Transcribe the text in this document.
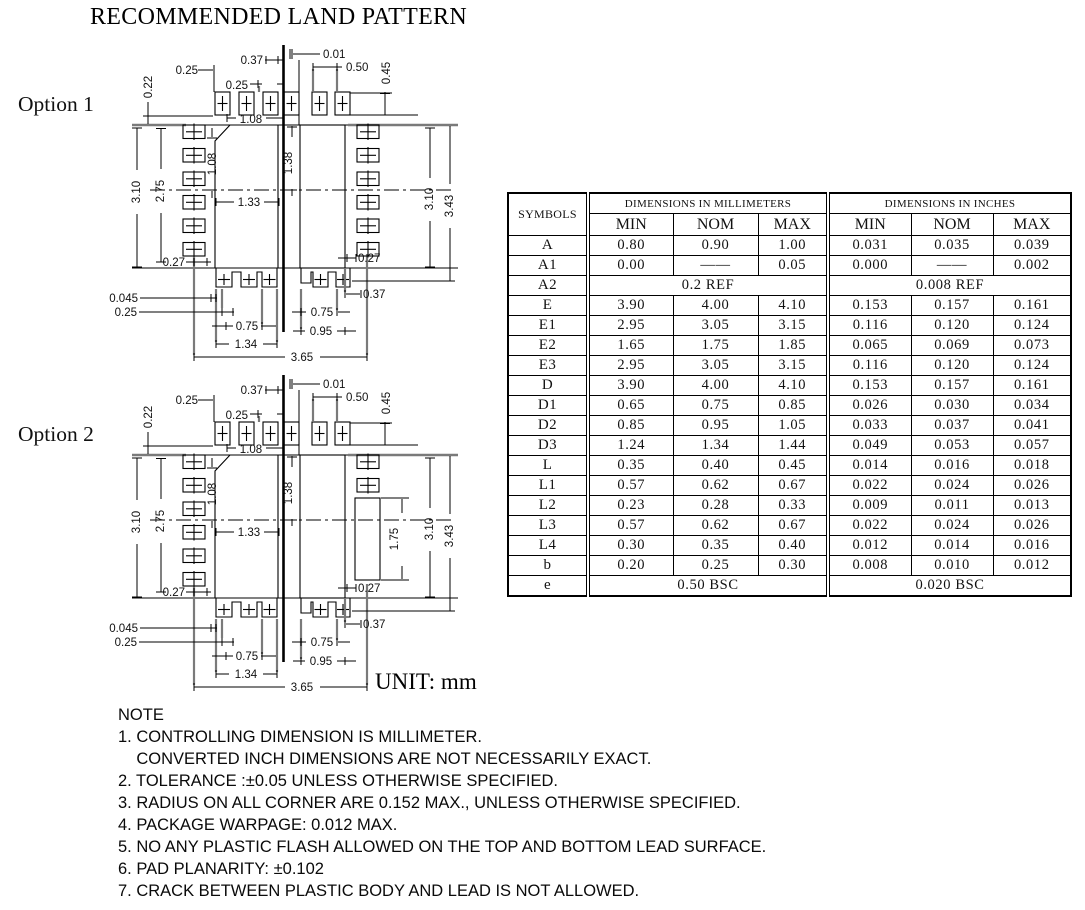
RECOMMENDED LAND PATTERN
Option 1
1.75
Option 2
SYMBOLS	DIMENSIONS IN MILLIMETERS			DIMENSIONS IN INCHES		
	MIN	NOM	MAX	MIN	NOM	MAX
A	0.80	0.90	1.00	0.031	0.035	0.039
A1	0.00	——	0.05	0.000	——	0.002
A2	0.2 REF			0.008 REF		
E	3.90	4.00	4.10	0.153	0.157	0.161
E1	2.95	3.05	3.15	0.116	0.120	0.124
E2	1.65	1.75	1.85	0.065	0.069	0.073
E3	2.95	3.05	3.15	0.116	0.120	0.124
D	3.90	4.00	4.10	0.153	0.157	0.161
D1	0.65	0.75	0.85	0.026	0.030	0.034
D2	0.85	0.95	1.05	0.033	0.037	0.041
D3	1.24	1.34	1.44	0.049	0.053	0.057
L	0.35	0.40	0.45	0.014	0.016	0.018
L1	0.57	0.62	0.67	0.022	0.024	0.026
L2	0.23	0.28	0.33	0.009	0.011	0.013
L3	0.57	0.62	0.67	0.022	0.024	0.026
L4	0.30	0.35	0.40	0.012	0.014	0.016
b	0.20	0.25	0.30	0.008	0.010	0.012
e	0.50 BSC			0.020 BSC		
UNIT: mm
NOTE
1. CONTROLLING DIMENSION IS MILLIMETER.
CONVERTED INCH DIMENSIONS ARE NOT NECESSARILY EXACT.
2. TOLERANCE :±0.05 UNLESS OTHERWISE SPECIFIED.
3. RADIUS ON ALL CORNER ARE 0.152 MAX., UNLESS OTHERWISE SPECIFIED.
4. PACKAGE WARPAGE: 0.012 MAX.
5. NO ANY PLASTIC FLASH ALLOWED ON THE TOP AND BOTTOM LEAD SURFACE.
6. PAD PLANARITY: ±0.102
7. CRACK BETWEEN PLASTIC BODY AND LEAD IS NOT ALLOWED.
